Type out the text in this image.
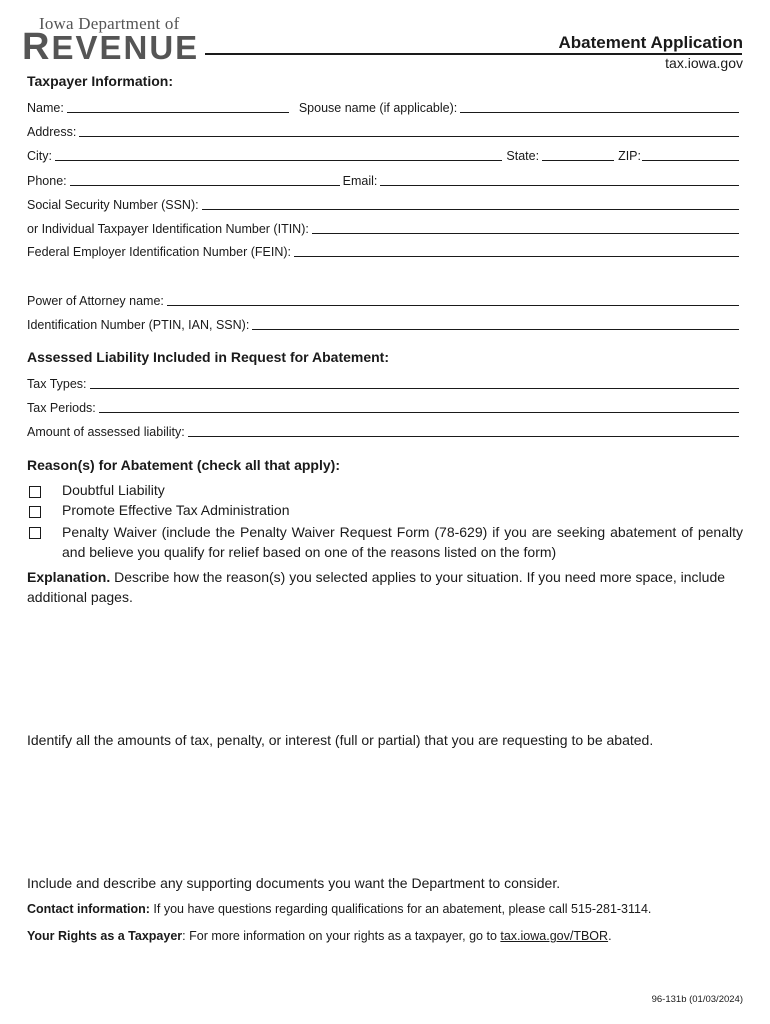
Iowa Department of
REVENUE	Abatement Application
tax.iowa.gov
Taxpayer Information:
Name:	Spouse name (if applicable):
Address:
City:	State:	ZIP:
Phone:	Email:
Social Security Number (SSN):
or Individual Taxpayer Identification Number (ITIN):
Federal Employer Identification Number (FEIN):
Power of Attorney name:
Identification Number (PTIN, IAN, SSN):
Assessed Liability Included in Request for Abatement:
Tax Types:
Tax Periods:
Amount of assessed liability:
Reason(s) for Abatement (check all that apply):
Doubtful Liability
Promote Effective Tax Administration
Penalty Waiver (include the Penalty Waiver Request Form (78-629) if you are seeking abatement of penalty and believe you qualify for relief based on one of the reasons listed on the form)
Explanation. Describe how the reason(s) you selected applies to your situation. If you need more space, include additional pages.
Identify all the amounts of tax, penalty, or interest (full or partial) that you are requesting to be abated.
Include and describe any supporting documents you want the Department to consider.
Contact information: If you have questions regarding qualifications for an abatement, please call 515-281-3114.
Your Rights as a Taxpayer: For more information on your rights as a taxpayer, go to tax.iowa.gov/TBOR.
96-131b (01/03/2024)
